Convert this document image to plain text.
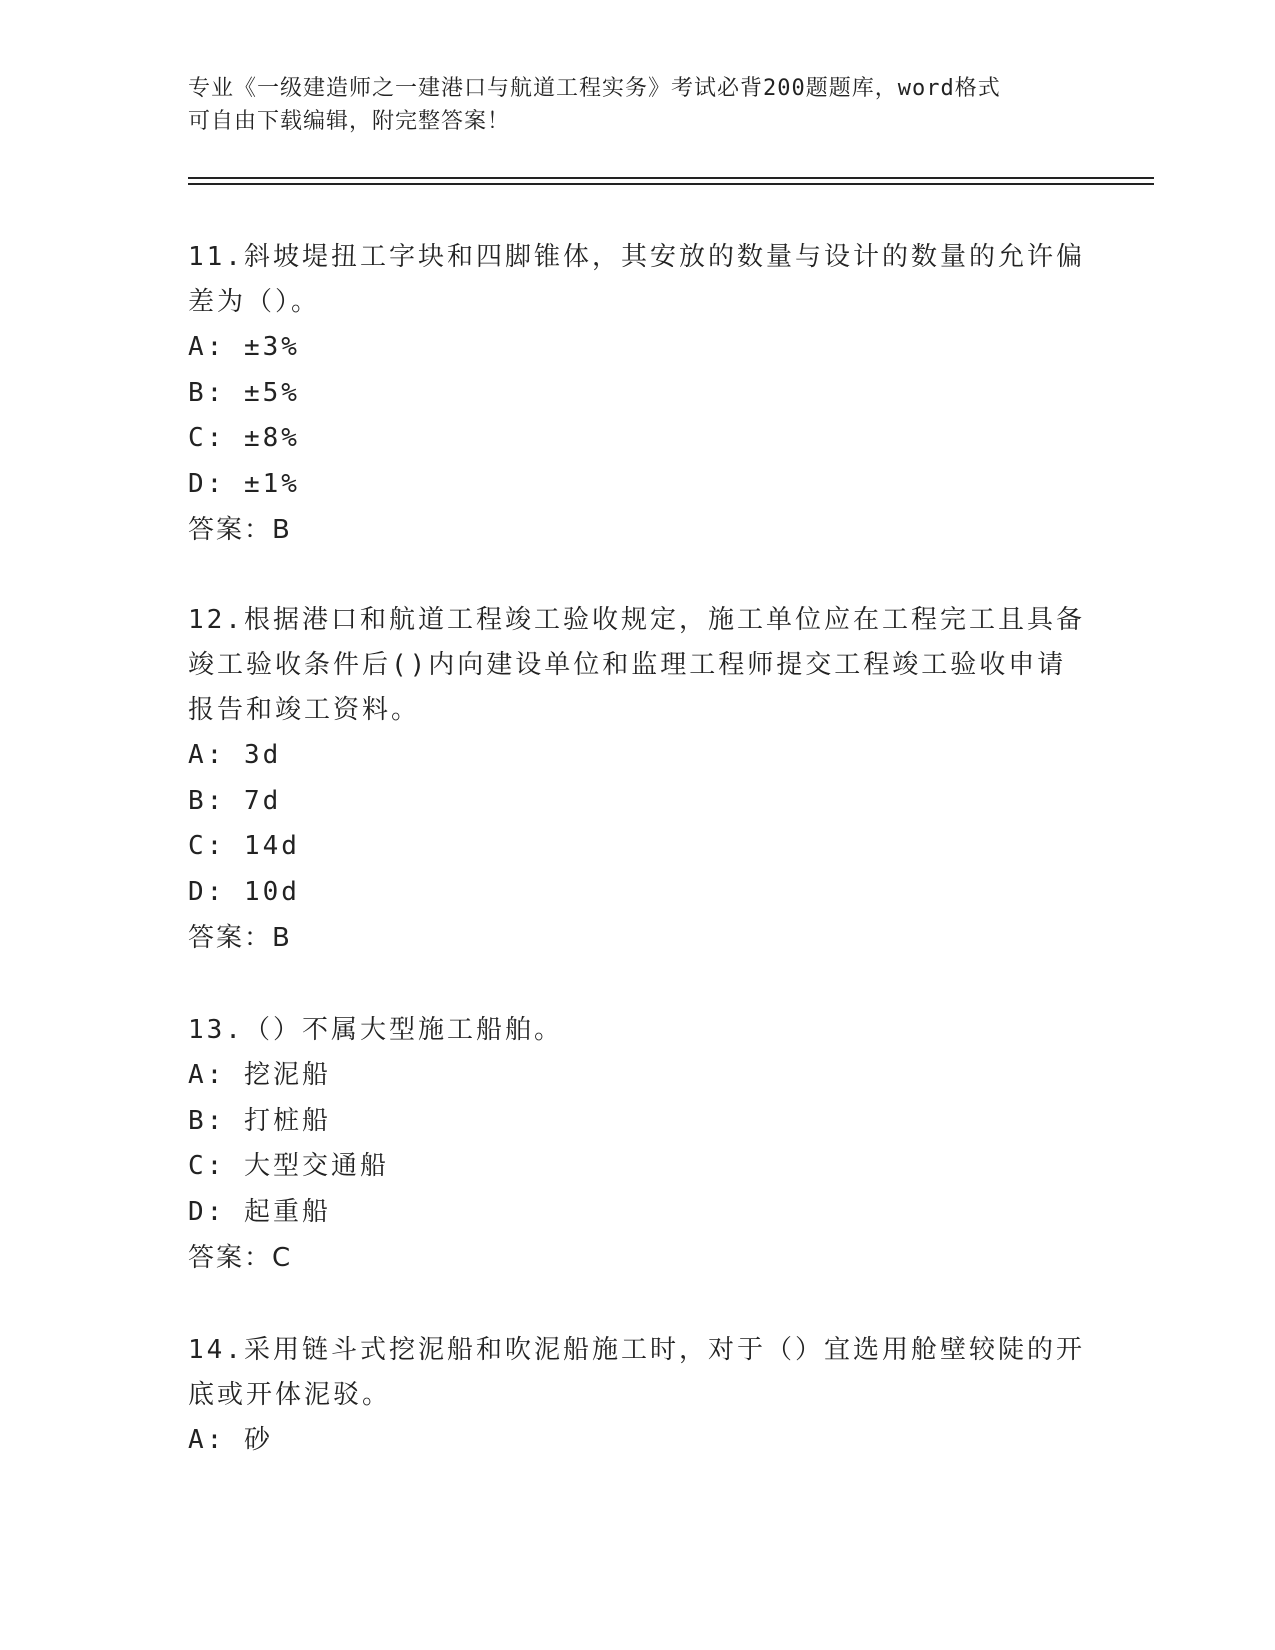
专业《一级建造师之一建港口与航道工程实务》考试必背200题题库，word格式
可自由下载编辑，附完整答案！
11.斜坡堤扭工字块和四脚锥体，其安放的数量与设计的数量的允许偏差为（）。
A: ±3%
B: ±5%
C: ±8%
D: ±1%
答案：B
12.根据港口和航道工程竣工验收规定，施工单位应在工程完工且具备竣工验收条件后()内向建设单位和监理工程师提交工程竣工验收申请报告和竣工资料。
A: 3d
B: 7d
C: 14d
D: 10d
答案：B
13.（）不属大型施工船舶。
A: 挖泥船
B: 打桩船
C: 大型交通船
D: 起重船
答案：C
14.采用链斗式挖泥船和吹泥船施工时，对于（）宜选用舱壁较陡的开底或开体泥驳。
A: 砂
